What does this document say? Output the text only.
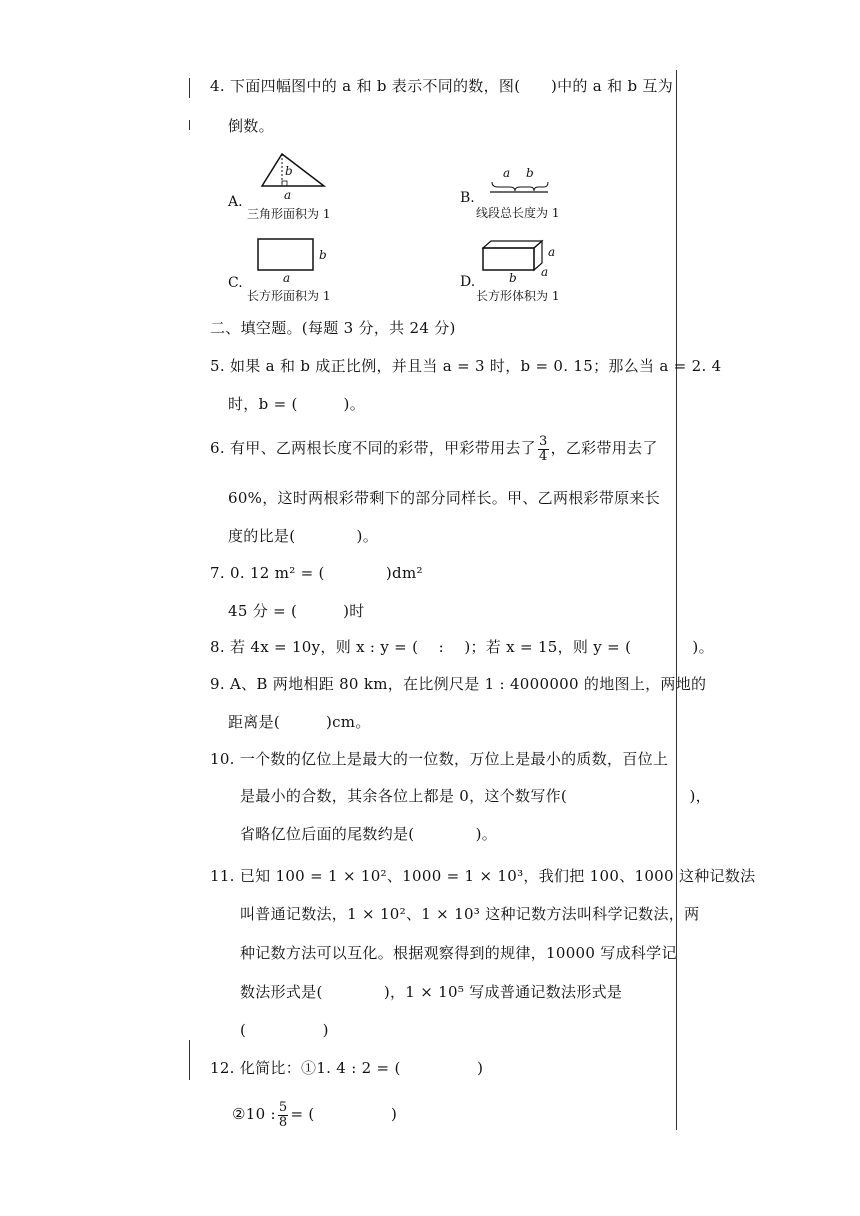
4. 下面四幅图中的 a 和 b 表示不同的数，图(　　)中的 a 和 b 互为
倒数。
b
a
A.
三角形面积为 1
a b
B.
线段总长度为 1
b
a
C.
长方形面积为 1
a
a
b
D.
长方形体积为 1
二、填空题。(每题 3 分，共 24 分)
5. 如果 a 和 b 成正比例，并且当 a = 3 时，b = 0. 15；那么当 a = 2. 4
时，b = (　　　)。
6. 有甲、乙两根长度不同的彩带，甲彩带用去了 $\frac{3}{4}$ ，乙彩带用去了
60%，这时两根彩带剩下的部分同样长。甲、乙两根彩带原来长
度的比是(　　　　)。
7. 0. 12 m² = (　　　　)dm²
45 分 = (　　　)时
8. 若 4x = 10y，则 x : y = (　 :　 )；若 x = 15，则 y = (　　　　)。
9. A、B 两地相距 80 km，在比例尺是 1 : 4000000 的地图上，两地的
距离是(　　　)cm。
10. 一个数的亿位上是最大的一位数，万位上是最小的质数，百位上
是最小的合数，其余各位上都是 0，这个数写作(　　　　　　　　)，
省略亿位后面的尾数约是(　　　　)。
11. 已知 100 = 1 × 10²、1000 = 1 × 10³，我们把 100、1000 这种记数法
叫普通记数法，1 × 10²、1 × 10³ 这种记数方法叫科学记数法，两
种记数方法可以互化。根据观察得到的规律，10000 写成科学记
数法形式是(　　　　)，1 × 10⁵ 写成普通记数法形式是
(　　　　　)
12. 化简比：①1. 4 : 2 = (　　　　　)
②10 : $\frac{5}{8}$ = (　　　　　)
